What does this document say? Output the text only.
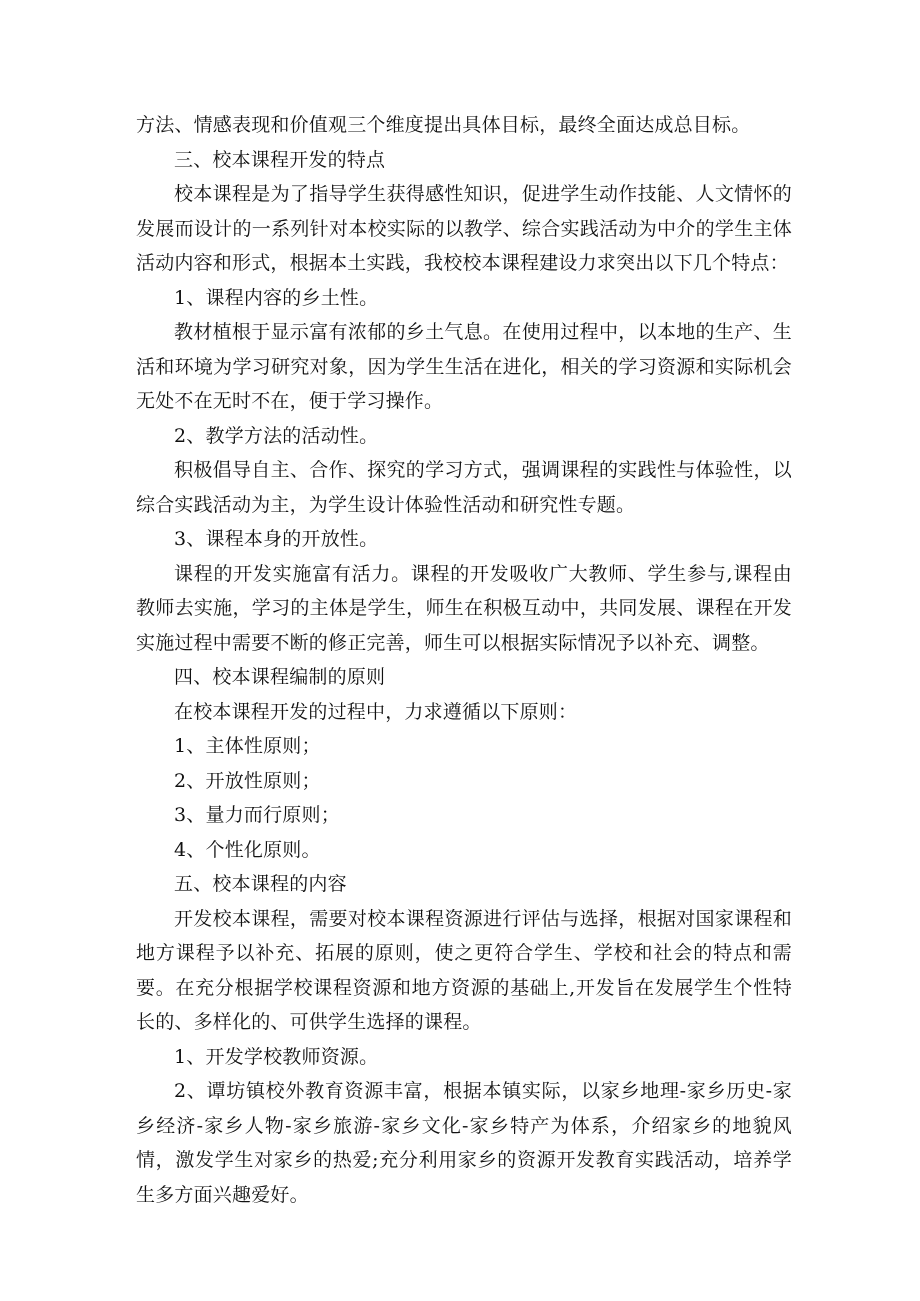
方法、情感表现和价值观三个维度提出具体目标，最终全面达成总目标。

三、校本课程开发的特点

校本课程是为了指导学生获得感性知识，促进学生动作技能、人文情怀的发展而设计的一系列针对本校实际的以教学、综合实践活动为中介的学生主体活动内容和形式，根据本土实践，我校校本课程建设力求突出以下几个特点：

1、课程内容的乡土性。

教材植根于显示富有浓郁的乡土气息。在使用过程中，以本地的生产、生活和环境为学习研究对象，因为学生生活在进化，相关的学习资源和实际机会无处不在无时不在，便于学习操作。

2、教学方法的活动性。

积极倡导自主、合作、探究的学习方式，强调课程的实践性与体验性，以综合实践活动为主，为学生设计体验性活动和研究性专题。

3、课程本身的开放性。

课程的开发实施富有活力。课程的开发吸收广大教师、学生参与,课程由教师去实施，学习的主体是学生，师生在积极互动中，共同发展、课程在开发实施过程中需要不断的修正完善，师生可以根据实际情况予以补充、调整。

四、校本课程编制的原则

在校本课程开发的过程中，力求遵循以下原则：

1、主体性原则；

2、开放性原则；

3、量力而行原则；

4、个性化原则。

五、校本课程的内容

开发校本课程，需要对校本课程资源进行评估与选择，根据对国家课程和地方课程予以补充、拓展的原则，使之更符合学生、学校和社会的特点和需要。在充分根据学校课程资源和地方资源的基础上,开发旨在发展学生个性特长的、多样化的、可供学生选择的课程。

1、开发学校教师资源。

2、谭坊镇校外教育资源丰富，根据本镇实际，以家乡地理-家乡历史-家乡经济-家乡人物-家乡旅游-家乡文化-家乡特产为体系，介绍家乡的地貌风情，激发学生对家乡的热爱;充分利用家乡的资源开发教育实践活动，培养学生多方面兴趣爱好。
